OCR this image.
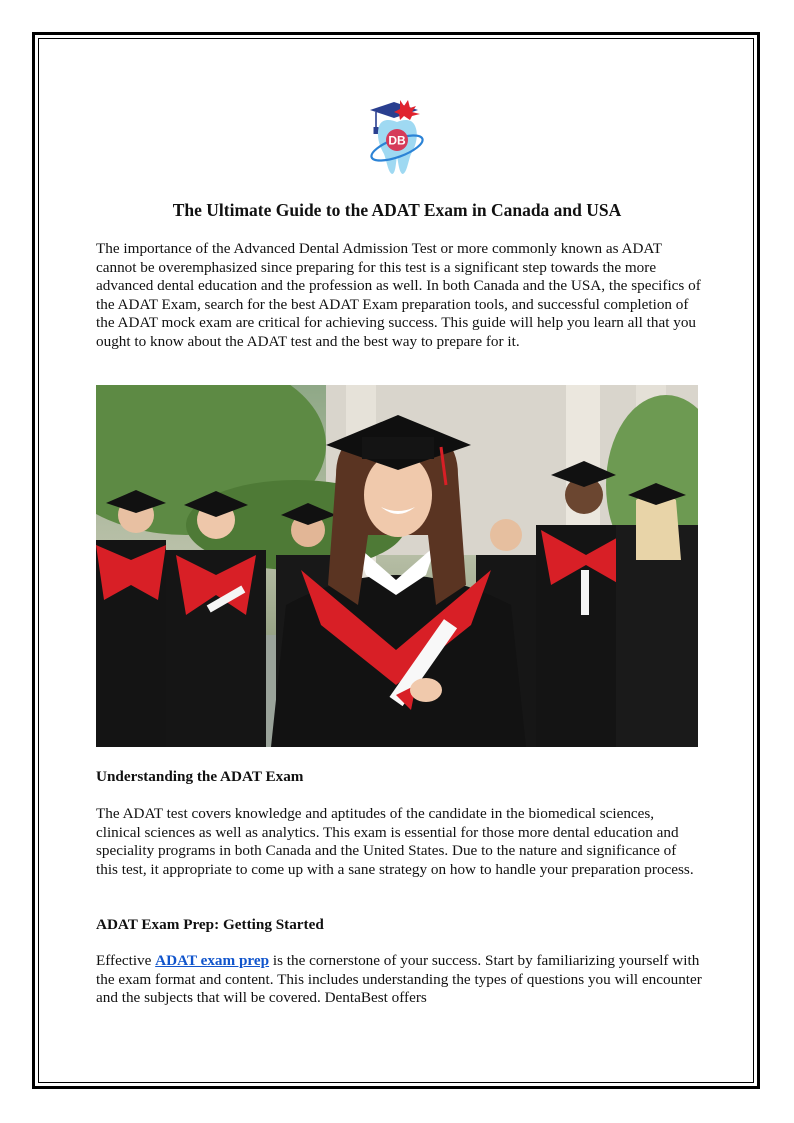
DB
The Ultimate Guide to the ADAT Exam in Canada and USA

The importance of the Advanced Dental Admission Test or more commonly known as ADAT cannot be overemphasized since preparing for this test is a significant step towards the more advanced dental education and the profession as well. In both Canada and the USA, the specifics of the ADAT Exam, search for the best ADAT Exam preparation tools, and successful completion of the ADAT mock exam are critical for achieving success. This guide will help you learn all that you ought to know about the ADAT test and the best way to prepare for it.

Understanding the ADAT Exam

The ADAT test covers knowledge and aptitudes of the candidate in the biomedical sciences, clinical sciences as well as analytics. This exam is essential for those more dental education and speciality programs in both Canada and the United States. Due to the nature and significance of this test, it appropriate to come up with a sane strategy on how to handle your preparation process.

ADAT Exam Prep: Getting Started

Effective ADAT exam prep is the cornerstone of your success. Start by familiarizing yourself with the exam format and content. This includes understanding the types of questions you will encounter and the subjects that will be covered. DentaBest offers
